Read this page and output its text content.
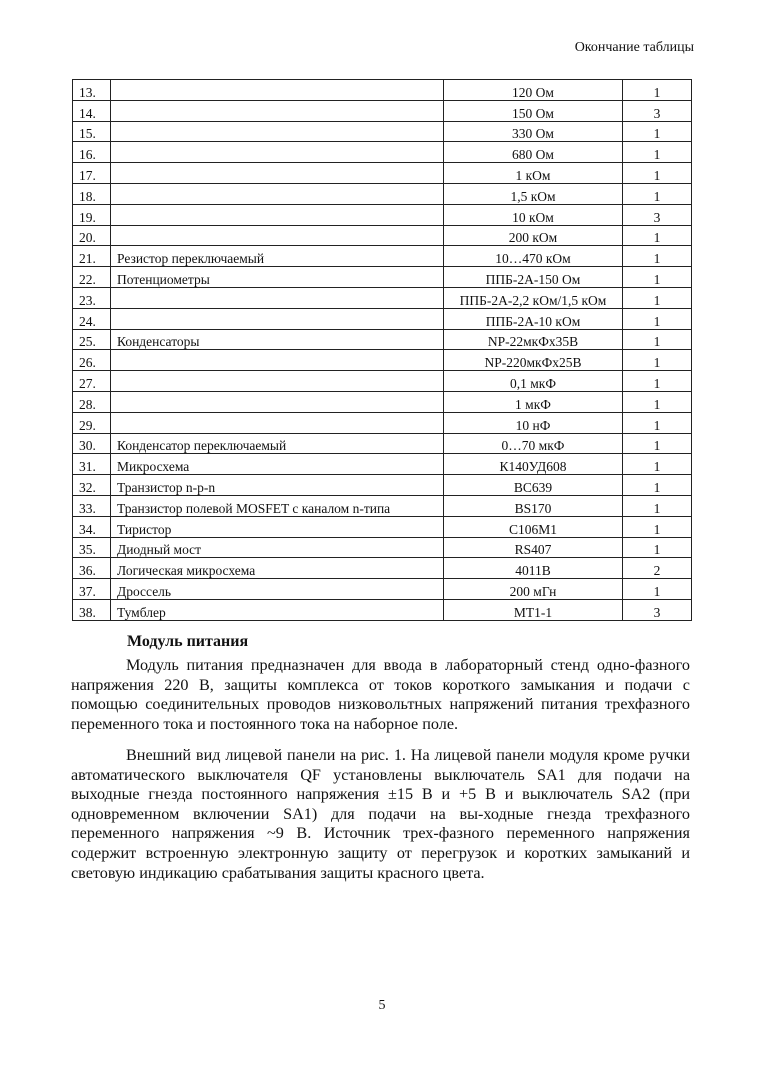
Окончание таблицы
13.		120 Ом	1
14.		150 Ом	3
15.		330 Ом	1
16.		680 Ом	1
17.		1 кОм	1
18.		1,5 кОм	1
19.		10 кОм	3
20.		200 кОм	1
21.	Резистор переключаемый	10…470 кОм	1
22.	Потенциометры	ППБ-2А-150 Ом	1
23.		ППБ-2А-2,2 кОм/1,5 кОм	1
24.		ППБ-2А-10 кОм	1
25.	Конденсаторы	NP-22мкФх35В	1
26.		NP-220мкФх25В	1
27.		0,1 мкФ	1
28.		1 мкФ	1
29.		10 нФ	1
30.	Конденсатор переключаемый	0…70 мкФ	1
31.	Микросхема	К140УД608	1
32.	Транзистор n-p-n	ВС639	1
33.	Транзистор полевой MOSFET с каналом n-типа	BS170	1
34.	Тиристор	С106М1	1
35.	Диодный мост	RS407	1
36.	Логическая микросхема	4011В	2
37.	Дроссель	200 мГн	1
38.	Тумблер	МТ1-1	3
Модуль питания

Модуль питания предназначен для ввода в лабораторный стенд одно-фазного напряжения 220 В, защиты комплекса от токов короткого замыкания и подачи с помощью соединительных проводов низковольтных напряжений питания трехфазного переменного тока и постоянного тока на наборное поле.

Внешний вид лицевой панели на рис. 1. На лицевой панели модуля кроме ручки автоматического выключателя QF установлены выключатель SA1 для подачи на выходные гнезда постоянного напряжения ±15 В и +5 В и выключатель SA2 (при одновременном включении SA1) для подачи на вы-ходные гнезда трехфазного переменного напряжения ~9 В. Источник трех-фазного переменного напряжения содержит встроенную электронную защиту от перегрузок и коротких замыканий и световую индикацию срабатывания защиты красного цвета.

5
